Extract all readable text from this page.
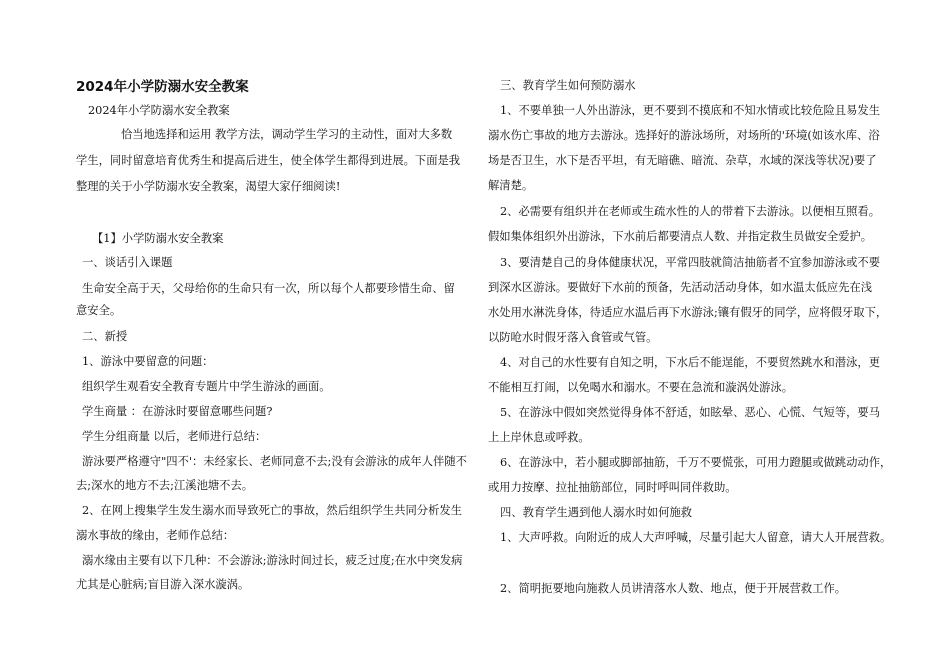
2024年小学防溺水安全教案
2024年小学防溺水安全教案
恰当地选择和运用 教学方法，调动学生学习的主动性，面对大多数
学生，同时留意培育优秀生和提高后进生，使全体学生都得到进展。下面是我
整理的关于小学防溺水安全教案，渴望大家仔细阅读!
【1】小学防溺水安全教案
一、谈话引入课题
生命安全高于天，父母给你的生命只有一次，所以每个人都要珍惜生命、留
意安全。
二、新授
1、游泳中要留意的问题：
组织学生观看安全教育专题片中学生游泳的画面。
学生商量 ：在游泳时要留意哪些问题?
学生分组商量 以后，老师进行总结：
游泳要严格遵守"四不'：未经家长、老师同意不去;没有会游泳的成年人伴随不
去;深水的地方不去;江溪池塘不去。
2、在网上搜集学生发生溺水而导致死亡的事故，然后组织学生共同分析发生
溺水事故的缘由，老师作总结：
溺水缘由主要有以下几种：不会游泳;游泳时间过长，疲乏过度;在水中突发病
尤其是心脏病;盲目游入深水漩涡。
三、教育学生如何预防溺水
1、不要单独一人外出游泳，更不要到不摸底和不知水情或比较危险且易发生
溺水伤亡事故的地方去游泳。选择好的游泳场所，对场所的'环境(如该水库、浴
场是否卫生，水下是否平坦，有无暗礁、暗流、杂草，水域的深浅等状况)要了
解清楚。
2、必需要有组织并在老师或生疏水性的人的带着下去游泳。以便相互照看。
假如集体组织外出游泳，下水前后都要清点人数、并指定救生员做安全爱护。
3、要清楚自己的身体健康状况，平常四肢就简洁抽筋者不宜参加游泳或不要
到深水区游泳。要做好下水前的预备，先活动活动身体，如水温太低应先在浅
水处用水淋洗身体，待适应水温后再下水游泳;镶有假牙的同学，应将假牙取下，
以防呛水时假牙落入食管或气管。
4、对自己的水性要有自知之明，下水后不能逞能，不要贸然跳水和潜泳，更
不能相互打闹，以免喝水和溺水。不要在急流和漩涡处游泳。
5、在游泳中假如突然觉得身体不舒适，如眩晕、恶心、心慌、气短等，要马
上上岸休息或呼救。
6、在游泳中，若小腿或脚部抽筋，千万不要慌张，可用力蹬腿或做跳动动作，
或用力按摩、拉扯抽筋部位，同时呼叫同伴救助。
四、教育学生遇到他人溺水时如何施救
1、大声呼救。向附近的成人大声呼喊，尽量引起大人留意，请大人开展营救。
2、简明扼要地向施救人员讲清落水人数、地点，便于开展营救工作。
